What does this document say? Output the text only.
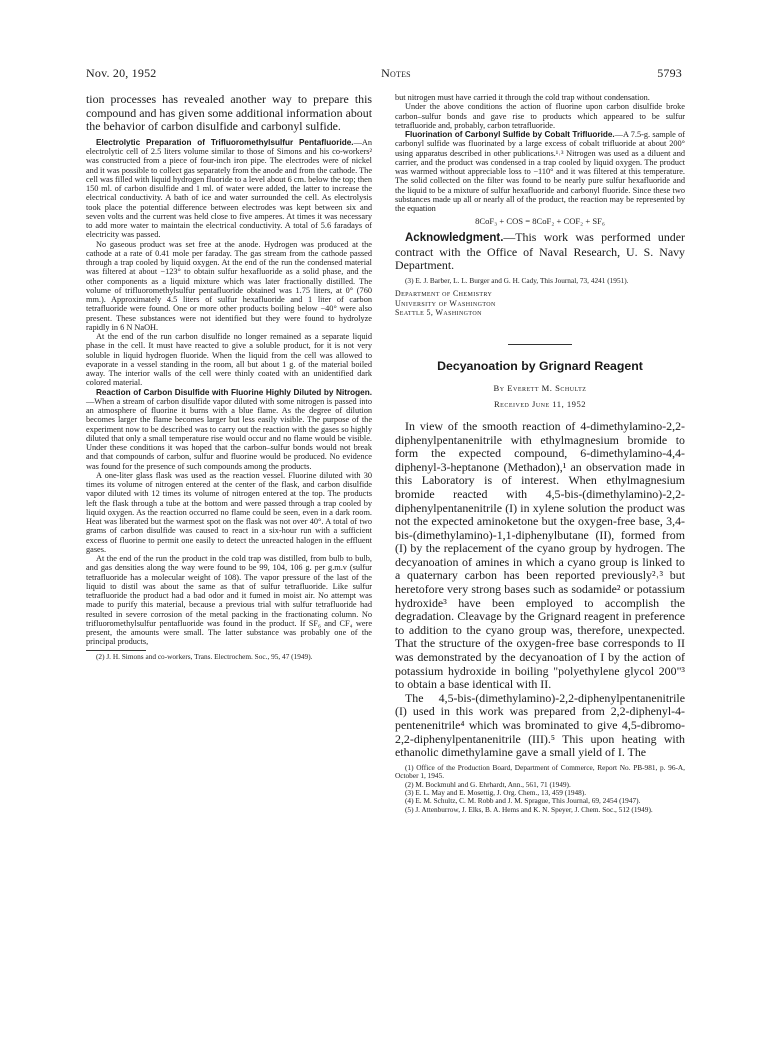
Nov. 20, 1952	Notes	5793

tion processes has revealed another way to prepare this compound and has given some additional information about the behavior of carbon disulfide and carbonyl sulfide.

Electrolytic Preparation of Trifluoromethylsulfur Pentafluoride.—An electrolytic cell of 2.5 liters volume similar to those of Simons and his co-workers² was constructed from a piece of four-inch iron pipe. The electrodes were of nickel and it was possible to collect gas separately from the anode and from the cathode. The cell was filled with liquid hydrogen fluoride to a level about 6 cm. below the top; then 150 ml. of carbon disulfide and 1 ml. of water were added, the latter to increase the electrical conductivity. A bath of ice and water surrounded the cell. As electrolysis took place the potential difference between electrodes was kept between six and seven volts and the current was held close to five amperes. At times it was necessary to add more water to maintain the electrical conductivity. A total of 5.6 faradays of electricity was passed.

No gaseous product was set free at the anode. Hydrogen was produced at the cathode at a rate of 0.41 mole per faraday. The gas stream from the cathode passed through a trap cooled by liquid oxygen. At the end of the run the condensed material was filtered at about −123° to obtain sulfur hexafluoride as a solid phase, and the other components as a liquid mixture which was later fractionally distilled. The volume of trifluoromethylsulfur pentafluoride obtained was 1.75 liters, at 0° (760 mm.). Approximately 4.5 liters of sulfur hexafluoride and 1 liter of carbon tetrafluoride were found. One or more other products boiling below −40° were also present. These substances were not identified but they were found to hydrolyze rapidly in 6 N NaOH.

At the end of the run carbon disulfide no longer remained as a separate liquid phase in the cell. It must have reacted to give a soluble product, for it is not very soluble in liquid hydrogen fluoride. When the liquid from the cell was allowed to evaporate in a vessel standing in the room, all but about 1 g. of the material boiled away. The interior walls of the cell were thinly coated with an unidentified dark colored material.

Reaction of Carbon Disulfide with Fluorine Highly Diluted by Nitrogen.—When a stream of carbon disulfide vapor diluted with some nitrogen is passed into an atmosphere of fluorine it burns with a blue flame. As the degree of dilution becomes larger the flame becomes larger but less easily visible. The purpose of the experiment now to be described was to carry out the reaction with the gases so highly diluted that only a small temperature rise would occur and no flame would be visible. Under these conditions it was hoped that the carbon–sulfur bonds would not break and that compounds of carbon, sulfur and fluorine would be produced. No evidence was found for the presence of such compounds among the products.

A one-liter glass flask was used as the reaction vessel. Fluorine diluted with 30 times its volume of nitrogen entered at the center of the flask, and carbon disulfide vapor diluted with 12 times its volume of nitrogen entered at the top. The products left the flask through a tube at the bottom and were passed through a trap cooled by liquid oxygen. As the reaction occurred no flame could be seen, even in a dark room. Heat was liberated but the warmest spot on the flask was not over 40°. A total of two grams of carbon disulfide was caused to react in a six-hour run with a sufficient excess of fluorine to permit one easily to detect the unreacted halogen in the effluent gases.

At the end of the run the product in the cold trap was distilled, from bulb to bulb, and gas densities along the way were found to be 99, 104, 106 g. per g.m.v (sulfur tetrafluoride has a molecular weight of 108). The vapor pressure of the last of the liquid to distil was about the same as that of sulfur tetrafluoride. Like sulfur tetrafluoride the product had a bad odor and it fumed in moist air. No attempt was made to purify this material, because a previous trial with sulfur tetrafluoride had resulted in severe corrosion of the metal packing in the fractionating column. No trifluoromethylsulfur pentafluoride was found in the product. If SF₆ and CF₄ were present, the amounts were small. The latter substance was probably one of the principal products,

(2) J. H. Simons and co-workers, Trans. Electrochem. Soc., 95, 47 (1949).

but nitrogen must have carried it through the cold trap without condensation.

Under the above conditions the action of fluorine upon carbon disulfide broke carbon–sulfur bonds and gave rise to products which appeared to be sulfur tetrafluoride and, probably, carbon tetrafluoride.

Fluorination of Carbonyl Sulfide by Cobalt Trifluoride.—A 7.5-g. sample of carbonyl sulfide was fluorinated by a large excess of cobalt trifluoride at about 200° using apparatus described in other publications.¹˒³ Nitrogen was used as a diluent and carrier, and the product was condensed in a trap cooled by liquid oxygen. The product was warmed without appreciable loss to −110° and it was filtered at this temperature. The solid collected on the filter was found to be nearly pure sulfur hexafluoride and the liquid to be a mixture of sulfur hexafluoride and carbonyl fluoride. Since these two substances made up all or nearly all of the product, the reaction may be represented by the equation

8CoF₃ + COS = 8CoF₂ + COF₂ + SF₆

Acknowledgment.—This work was performed under contract with the Office of Naval Research, U. S. Navy Department.

(3) E. J. Barber, L. L. Burger and G. H. Cady, This Journal, 73, 4241 (1951).

Department of Chemistry
University of Washington
Seattle 5, Washington

Decyanoation by Grignard Reagent

By Everett M. Schultz

Received June 11, 1952

In view of the smooth reaction of 4-dimethylamino-2,2-diphenylpentanenitrile with ethylmagnesium bromide to form the expected compound, 6-dimethylamino-4,4-diphenyl-3-heptanone (Methadon),¹ an observation made in this Laboratory is of interest. When ethylmagnesium bromide reacted with 4,5-bis-(dimethylamino)-2,2-diphenylpentanenitrile (I) in xylene solution the product was not the expected aminoketone but the oxygen-free base, 3,4-bis-(dimethylamino)-1,1-diphenylbutane (II), formed from (I) by the replacement of the cyano group by hydrogen. The decyanoation of amines in which a cyano group is linked to a quaternary carbon has been reported previously²˒³ but heretofore very strong bases such as sodamide² or potassium hydroxide³ have been employed to accomplish the degradation. Cleavage by the Grignard reagent in preference to addition to the cyano group was, therefore, unexpected. That the structure of the oxygen-free base corresponds to II was demonstrated by the decyanoation of I by the action of potassium hydroxide in boiling "polyethylene glycol 200"³ to obtain a base identical with II.

The 4,5-bis-(dimethylamino)-2,2-diphenylpentanenitrile (I) used in this work was prepared from 2,2-diphenyl-4-pentenenitrile⁴ which was brominated to give 4,5-dibromo-2,2-diphenylpentanenitrile (III).⁵ This upon heating with ethanolic dimethylamine gave a small yield of I. The

(1) Office of the Production Board, Department of Commerce, Report No. PB-981, p. 96-A, October 1, 1945.

(2) M. Bockmuhl and G. Ehrhardt, Ann., 561, 71 (1949).

(3) E. L. May and E. Mosettig, J. Org. Chem., 13, 459 (1948).

(4) E. M. Schultz, C. M. Robb and J. M. Sprague, This Journal, 69, 2454 (1947).

(5) J. Attenburrow, J. Elks, B. A. Hems and K. N. Speyer, J. Chem. Soc., 512 (1949).
